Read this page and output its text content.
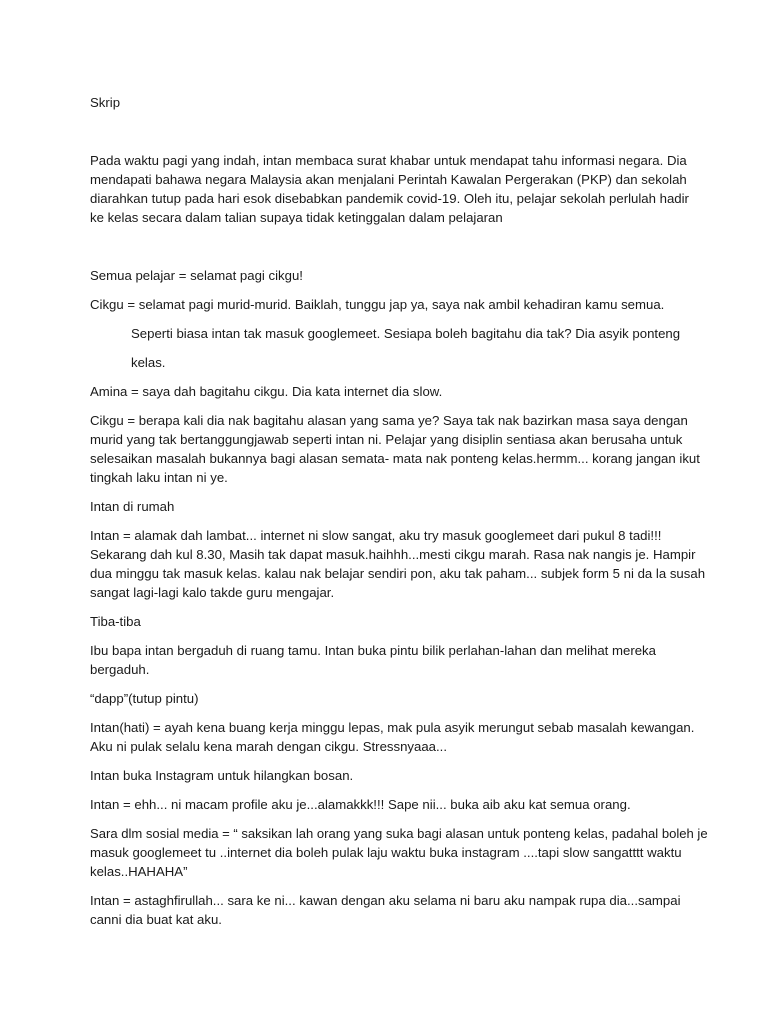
Skrip
Pada waktu pagi yang indah, intan membaca surat khabar untuk mendapat tahu informasi negara. Dia
mendapati bahawa negara Malaysia akan menjalani Perintah Kawalan Pergerakan (PKP) dan sekolah
diarahkan tutup pada hari esok disebabkan pandemik covid-19. Oleh itu, pelajar sekolah perlulah hadir
ke kelas secara dalam talian supaya tidak ketinggalan dalam pelajaran
Semua pelajar = selamat pagi cikgu!
Cikgu = selamat pagi murid-murid. Baiklah, tunggu jap ya, saya nak ambil kehadiran kamu semua.
Seperti biasa intan tak masuk googlemeet. Sesiapa boleh bagitahu dia tak? Dia asyik ponteng
kelas.
Amina = saya dah bagitahu cikgu. Dia kata internet dia slow.
Cikgu = berapa kali dia nak bagitahu alasan yang sama ye? Saya tak nak bazirkan masa saya dengan
murid yang tak bertanggungjawab seperti intan ni. Pelajar yang disiplin sentiasa akan berusaha untuk
selesaikan masalah bukannya bagi alasan semata- mata nak ponteng kelas.hermm... korang jangan ikut
tingkah laku intan ni ye.
Intan di rumah
Intan = alamak dah lambat... internet ni slow sangat, aku try masuk googlemeet dari pukul 8 tadi!!!
Sekarang dah kul 8.30, Masih tak dapat masuk.haihhh...mesti cikgu marah. Rasa nak nangis je. Hampir
dua minggu tak masuk kelas. kalau nak belajar sendiri pon, aku tak paham... subjek form 5 ni da la susah
sangat lagi-lagi kalo takde guru mengajar.
Tiba-tiba
Ibu bapa intan bergaduh di ruang tamu. Intan buka pintu bilik perlahan-lahan dan melihat mereka
bergaduh.
“dapp”(tutup pintu)
Intan(hati) = ayah kena buang kerja minggu lepas, mak pula asyik merungut sebab masalah kewangan.
Aku ni pulak selalu kena marah dengan cikgu. Stressnyaaa...
Intan buka Instagram untuk hilangkan bosan.
Intan = ehh... ni macam profile aku je...alamakkk!!! Sape nii... buka aib aku kat semua orang.
Sara dlm sosial media = “ saksikan lah orang yang suka bagi alasan untuk ponteng kelas, padahal boleh je
masuk googlemeet tu ..internet dia boleh pulak laju waktu buka instagram ....tapi slow sangatttt waktu
kelas..HAHAHA”
Intan = astaghfirullah... sara ke ni... kawan dengan aku selama ni baru aku nampak rupa dia...sampai
canni dia buat kat aku.
